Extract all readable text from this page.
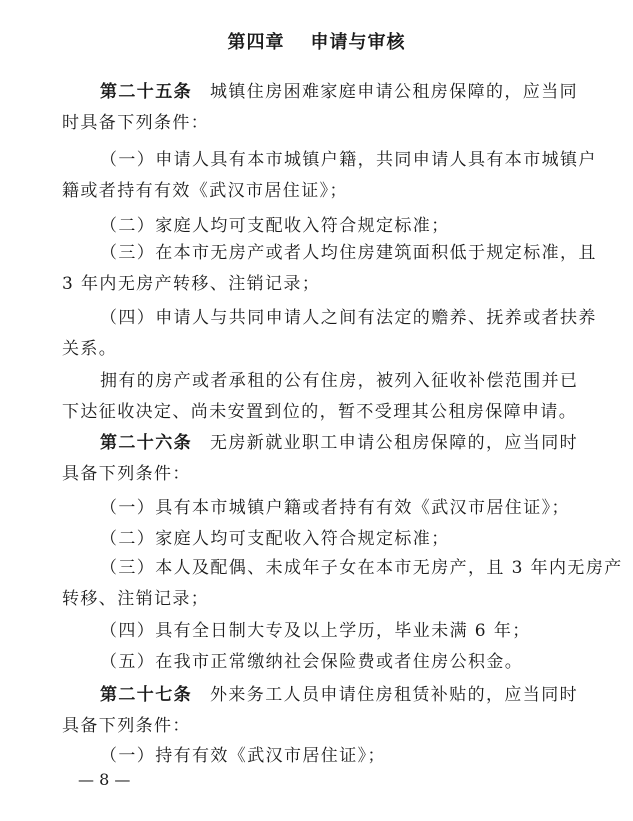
第四章 申请与审核
第二十五条 城镇住房困难家庭申请公租房保障的，应当同
时具备下列条件：
（一）申请人具有本市城镇户籍，共同申请人具有本市城镇户
籍或者持有有效《武汉市居住证》；
（二）家庭人均可支配收入符合规定标准；
（三）在本市无房产或者人均住房建筑面积低于规定标准，且
3 年内无房产转移、注销记录；
（四）申请人与共同申请人之间有法定的赡养、抚养或者扶养
关系。
拥有的房产或者承租的公有住房，被列入征收补偿范围并已
下达征收决定、尚未安置到位的，暂不受理其公租房保障申请。
第二十六条 无房新就业职工申请公租房保障的，应当同时
具备下列条件：
（一）具有本市城镇户籍或者持有有效《武汉市居住证》；
（二）家庭人均可支配收入符合规定标准；
（三）本人及配偶、未成年子女在本市无房产，且 3 年内无房产
转移、注销记录；
（四）具有全日制大专及以上学历，毕业未满 6 年；
（五）在我市正常缴纳社会保险费或者住房公积金。
第二十七条 外来务工人员申请住房租赁补贴的，应当同时
具备下列条件：
（一）持有有效《武汉市居住证》；
— 8 —
